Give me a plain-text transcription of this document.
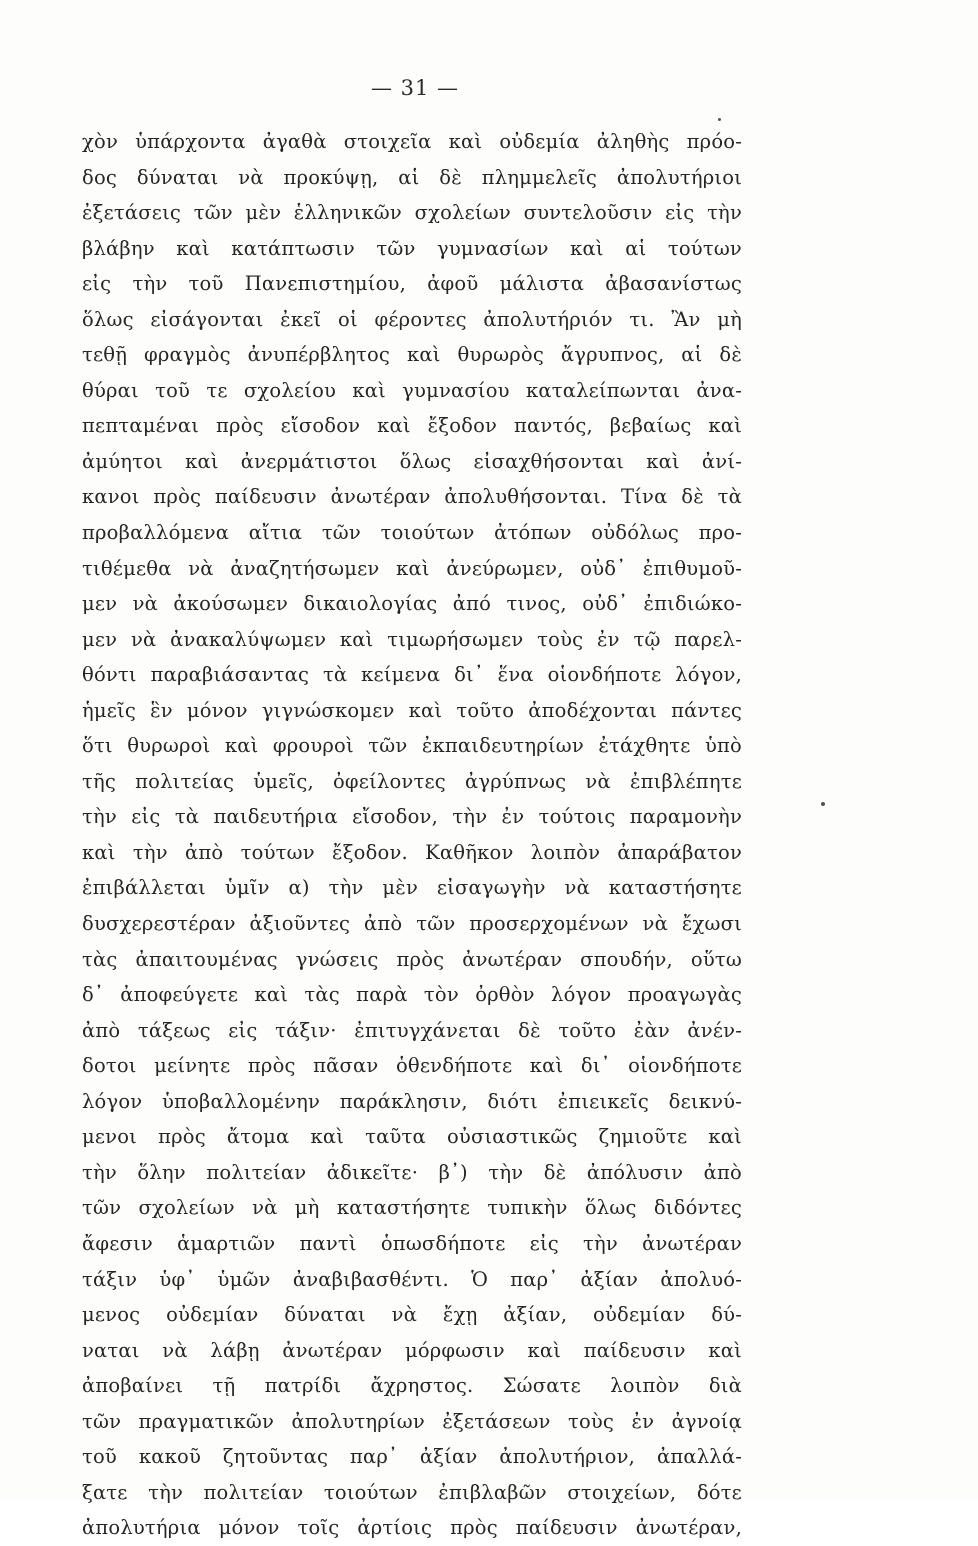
— 31 —
χὸν ὑπάρχοντα ἀγαθὰ στοιχεῖα καὶ οὐδεμία ἀληθὴς πρόο-
δος δύναται νὰ προκύψῃ, αἱ δὲ πλημμελεῖς ἀπολυτήριοι
ἐξετάσεις τῶν μὲν ἑλληνικῶν σχολείων συντελοῦσιν εἰς τὴν
βλάβην καὶ κατάπτωσιν τῶν γυμνασίων καὶ αἱ τούτων
εἰς τὴν τοῦ Πανεπιστημίου, ἀφοῦ μάλιστα ἀβασανίστως
ὅλως εἰσάγονται ἐκεῖ οἱ φέροντες ἀπολυτήριόν τι. Ἂν μὴ
τεθῇ φραγμὸς ἀνυπέρβλητος καὶ θυρωρὸς ἄγρυπνος, αἱ δὲ
θύραι τοῦ τε σχολείου καὶ γυμνασίου καταλείπωνται ἀνα-
πεπταμέναι πρὸς εἴσοδον καὶ ἔξοδον παντός, βεβαίως καὶ
ἀμύητοι καὶ ἀνερμάτιστοι ὅλως εἰσαχθήσονται καὶ ἀνί-
κανοι πρὸς παίδευσιν ἀνωτέραν ἀπολυθήσονται. Τίνα δὲ τὰ
προβαλλόμενα αἴτια τῶν τοιούτων ἀτόπων οὐδόλως προ-
τιθέμεθα νὰ ἀναζητήσωμεν καὶ ἀνεύρωμεν, οὐδ᾽ ἐπιθυμοῦ-
μεν νὰ ἀκούσωμεν δικαιολογίας ἀπό τινος, οὐδ᾽ ἐπιδιώκο-
μεν νὰ ἀνακαλύψωμεν καὶ τιμωρήσωμεν τοὺς ἐν τῷ παρελ-
θόντι παραβιάσαντας τὰ κείμενα δι᾽ ἕνα οἱονδήποτε λόγον,
ἡμεῖς ἓν μόνον γιγνώσκομεν καὶ τοῦτο ἀποδέχονται πάντες
ὅτι θυρωροὶ καὶ φρουροὶ τῶν ἐκπαιδευτηρίων ἐτάχθητε ὑπὸ
τῆς πολιτείας ὑμεῖς, ὀφείλοντες ἀγρύπνως νὰ ἐπιβλέπητε
τὴν εἰς τὰ παιδευτήρια εἴσοδον, τὴν ἐν τούτοις παραμονὴν
καὶ τὴν ἀπὸ τούτων ἔξοδον. Καθῆκον λοιπὸν ἀπαράβατον
ἐπιβάλλεται ὑμῖν α) τὴν μὲν εἰσαγωγὴν νὰ καταστήσητε
δυσχερεστέραν ἀξιοῦντες ἀπὸ τῶν προσερχομένων νὰ ἔχωσι
τὰς ἀπαιτουμένας γνώσεις πρὸς ἀνωτέραν σπουδήν, οὕτω
δ᾽ ἀποφεύγετε καὶ τὰς παρὰ τὸν ὀρθὸν λόγον προαγωγὰς
ἀπὸ τάξεως εἰς τάξιν· ἐπιτυγχάνεται δὲ τοῦτο ἐὰν ἀνέν-
δοτοι μείνητε πρὸς πᾶσαν ὁθενδήποτε καὶ δι᾽ οἱονδήποτε
λόγον ὑποβαλλομένην παράκλησιν, διότι ἐπιεικεῖς δεικνύ-
μενοι πρὸς ἄτομα καὶ ταῦτα οὐσιαστικῶς ζημιοῦτε καὶ
τὴν ὅλην πολιτείαν ἀδικεῖτε· β᾽) τὴν δὲ ἀπόλυσιν ἀπὸ
τῶν σχολείων νὰ μὴ καταστήσητε τυπικὴν ὅλως διδόντες
ἄφεσιν ἁμαρτιῶν παντὶ ὁπωσδήποτε εἰς τὴν ἀνωτέραν
τάξιν ὑφ᾽ ὑμῶν ἀναβιβασθέντι. Ὁ παρ᾽ ἀξίαν ἀπολυό-
μενος οὐδεμίαν δύναται νὰ ἔχῃ ἀξίαν, οὐδεμίαν δύ-
ναται νὰ λάβῃ ἀνωτέραν μόρφωσιν καὶ παίδευσιν καὶ
ἀποβαίνει τῇ πατρίδι ἄχρηστος. Σώσατε λοιπὸν διὰ
τῶν πραγματικῶν ἀπολυτηρίων ἐξετάσεων τοὺς ἐν ἀγνοίᾳ
τοῦ κακοῦ ζητοῦντας παρ᾽ ἀξίαν ἀπολυτήριον, ἀπαλλά-
ξατε τὴν πολιτείαν τοιούτων ἐπιβλαβῶν στοιχείων, δότε
ἀπολυτήρια μόνον τοῖς ἀρτίοις πρὸς παίδευσιν ἀνωτέραν,
